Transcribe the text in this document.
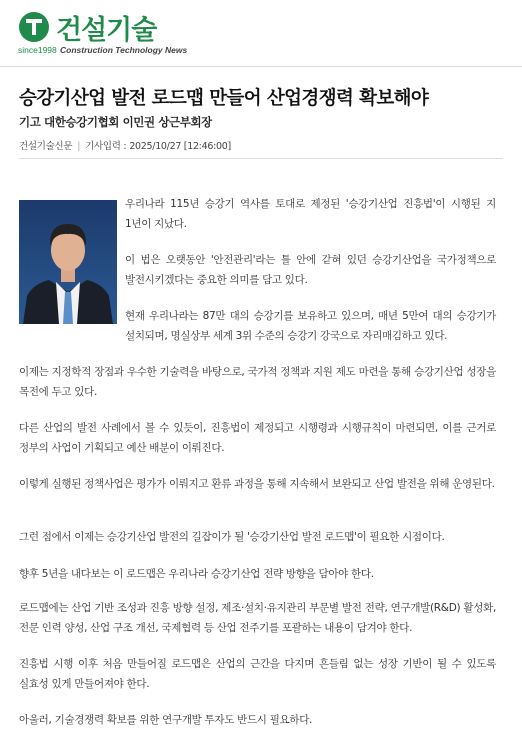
건설기술
since1998 Construction Technology News
승강기산업 발전 로드맵 만들어 산업경쟁력 확보해야
기고 대한승강기협회 이민권 상근부회장
건설기술신문 | 기사입력 : 2025/10/27 [12:46:00]

우리나라 115년 승강기 역사를 토대로 제정된 '승강기산업 진흥법'이 시행된 지 1년이 지났다.

이 법은 오랫동안 '안전관리'라는 틀 안에 갇혀 있던 승강기산업을 국가정책으로 발전시키겠다는 중요한 의미를 담고 있다.

현재 우리나라는 87만 대의 승강기를 보유하고 있으며, 매년 5만여 대의 승강기가 설치되며, 명실상부 세계 3위 수준의 승강기 강국으로 자리매김하고 있다.

이제는 지정학적 장점과 우수한 기술력을 바탕으로, 국가적 정책과 지원 제도 마련을 통해 승강기산업 성장을 목전에 두고 있다.

다른 산업의 발전 사례에서 볼 수 있듯이, 진흥법이 제정되고 시행령과 시행규칙이 마련되면, 이를 근거로 정부의 사업이 기획되고 예산 배분이 이뤄진다.

이렇게 실행된 정책사업은 평가가 이뤄지고 환류 과정을 통해 지속해서 보완되고 산업 발전을 위해 운영된다.

그런 점에서 이제는 승강기산업 발전의 길잡이가 될 '승강기산업 발전 로드맵'이 필요한 시점이다.

향후 5년을 내다보는 이 로드맵은 우리나라 승강기산업 전략 방향을 담아야 한다.

로드맵에는 산업 기반 조성과 진흥 방향 설정, 제조·설치·유지관리 부문별 발전 전략, 연구개발(R&D) 활성화, 전문 인력 양성, 산업 구조 개선, 국제협력 등 산업 전주기를 포괄하는 내용이 담겨야 한다.

진흥법 시행 이후 처음 만들어질 로드맵은 산업의 근간을 다지며 흔들림 없는 성장 기반이 될 수 있도록 실효성 있게 만들어져야 한다.

아울러, 기술경쟁력 확보를 위한 연구개발 투자도 반드시 필요하다.
